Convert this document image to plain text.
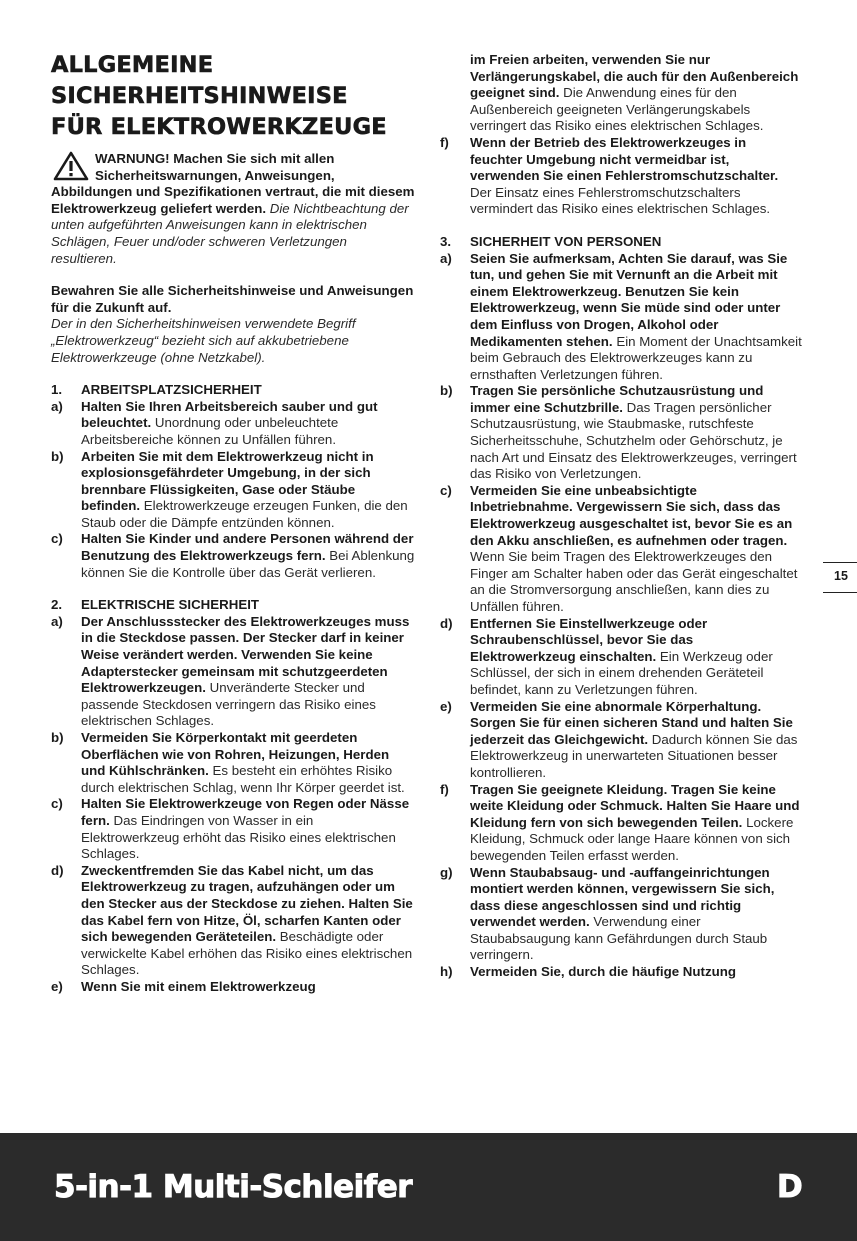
ALLGEMEINE
SICHERHEITSHINWEISE
FÜR ELEKTROWERKZEUGE
WARNUNG! Machen Sie sich mit allen Sicherheitswarnungen, Anweisungen, Abbildungen und Spezifikationen vertraut, die mit diesem Elektrowerkzeug geliefert werden. Die Nichtbeachtung der unten aufgeführten Anweisungen kann in elektrischen Schlägen, Feuer und/oder schweren Verletzungen resultieren.
Bewahren Sie alle Sicherheitshinweise und Anweisungen für die Zukunft auf.
Der in den Sicherheitshinweisen verwendete Begriff „Elektrowerkzeug“ bezieht sich auf akkubetriebene Elektrowerkzeuge (ohne Netzkabel).
1.	ARBEITSPLATZSICHERHEIT
a)	Halten Sie Ihren Arbeitsbereich sauber und gut beleuchtet. Unordnung oder unbeleuchtete Arbeitsbereiche können zu Unfällen führen.
b)	Arbeiten Sie mit dem Elektrowerkzeug nicht in explosionsgefährdeter Umgebung, in der sich brennbare Flüssigkeiten, Gase oder Stäube befinden. Elektrowerkzeuge erzeugen Funken, die den Staub oder die Dämpfe entzünden können.
c)	Halten Sie Kinder und andere Personen während der Benutzung des Elektrowerkzeugs fern. Bei Ablenkung können Sie die Kontrolle über das Gerät verlieren.
2.	ELEKTRISCHE SICHERHEIT
a)	Der Anschlussstecker des Elektrowerkzeuges muss in die Steckdose passen. Der Stecker darf in keiner Weise verändert werden. Verwenden Sie keine Adapterstecker gemeinsam mit schutzgeerdeten Elektrowerkzeugen. Unveränderte Stecker und passende Steckdosen verringern das Risiko eines elektrischen Schlages.
b)	Vermeiden Sie Körperkontakt mit geerdeten Oberflächen wie von Rohren, Heizungen, Herden und Kühlschränken. Es besteht ein erhöhtes Risiko durch elektrischen Schlag, wenn Ihr Körper geerdet ist.
c)	Halten Sie Elektrowerkzeuge von Regen oder Nässe fern. Das Eindringen von Wasser in ein Elektrowerkzeug erhöht das Risiko eines elektrischen Schlages.
d)	Zweckentfremden Sie das Kabel nicht, um das Elektrowerkzeug zu tragen, aufzuhängen oder um den Stecker aus der Steckdose zu ziehen. Halten Sie das Kabel fern von Hitze, Öl, scharfen Kanten oder sich bewegenden Geräteteilen. Beschädigte oder verwickelte Kabel erhöhen das Risiko eines elektrischen Schlages.
e)	Wenn Sie mit einem Elektrowerkzeug
im Freien arbeiten, verwenden Sie nur Verlängerungskabel, die auch für den Außenbereich geeignet sind. Die Anwendung eines für den Außenbereich geeigneten Verlängerungskabels verringert das Risiko eines elektrischen Schlages.
f)	Wenn der Betrieb des Elektrowerkzeuges in feuchter Umgebung nicht vermeidbar ist, verwenden Sie einen Fehlerstromschutzschalter. Der Einsatz eines Fehlerstromschutzschalters vermindert das Risiko eines elektrischen Schlages.
3.	SICHERHEIT VON PERSONEN
a)	Seien Sie aufmerksam, Achten Sie darauf, was Sie tun, und gehen Sie mit Vernunft an die Arbeit mit einem Elektrowerkzeug. Benutzen Sie kein Elektrowerkzeug, wenn Sie müde sind oder unter dem Einfluss von Drogen, Alkohol oder Medikamenten stehen. Ein Moment der Unachtsamkeit beim Gebrauch des Elektrowerkzeuges kann zu ernsthaften Verletzungen führen.
b)	Tragen Sie persönliche Schutzausrüstung und immer eine Schutzbrille. Das Tragen persönlicher Schutzausrüstung, wie Staubmaske, rutschfeste Sicherheitsschuhe, Schutzhelm oder Gehörschutz, je nach Art und Einsatz des Elektrowerkzeuges, verringert das Risiko von Verletzungen.
c)	Vermeiden Sie eine unbeabsichtigte Inbetriebnahme. Vergewissern Sie sich, dass das Elektrowerkzeug ausgeschaltet ist, bevor Sie es an den Akku anschließen, es aufnehmen oder tragen. Wenn Sie beim Tragen des Elektrowerkzeuges den Finger am Schalter haben oder das Gerät eingeschaltet an die Stromversorgung anschließen, kann dies zu Unfällen führen.
d)	Entfernen Sie Einstellwerkzeuge oder Schraubenschlüssel, bevor Sie das Elektrowerkzeug einschalten. Ein Werkzeug oder Schlüssel, der sich in einem drehenden Geräteteil befindet, kann zu Verletzungen führen.
e)	Vermeiden Sie eine abnormale Körperhaltung. Sorgen Sie für einen sicheren Stand und halten Sie jederzeit das Gleichgewicht. Dadurch können Sie das Elektrowerkzeug in unerwarteten Situationen besser kontrollieren.
f)	Tragen Sie geeignete Kleidung. Tragen Sie keine weite Kleidung oder Schmuck. Halten Sie Haare und Kleidung fern von sich bewegenden Teilen. Lockere Kleidung, Schmuck oder lange Haare können von sich bewegenden Teilen erfasst werden.
g)	Wenn Staubabsaug- und -auffangeinrichtungen montiert werden können, vergewissern Sie sich, dass diese angeschlossen sind und richtig verwendet werden. Verwendung einer Staubabsaugung kann Gefährdungen durch Staub verringern.
h)	Vermeiden Sie, durch die häufige Nutzung
15
5-in-1 Multi-Schleifer	D
